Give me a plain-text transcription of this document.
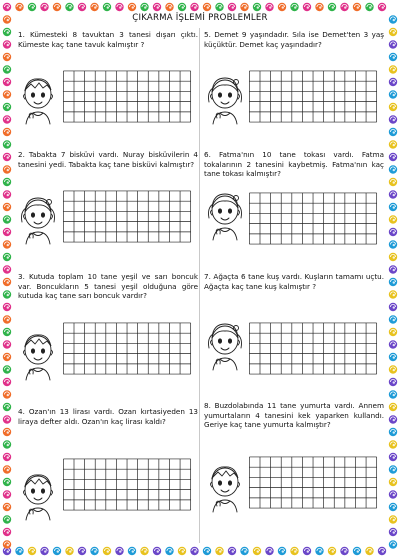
ÇIKARMA İŞLEMİ PROBLEMLER
1. Kümesteki 8 tavuktan 3 tanesi dışarı çıktı. Kümeste kaç tane tavuk kalmıştır ?
2. Tabakta 7 bisküvi vardı. Nuray bisküvilerin 4 tanesini yedi. Tabakta kaç tane bisküvi kalmıştır?
3. Kutuda toplam 10 tane yeşil ve sarı boncuk var. Boncukların 5 tanesi yeşil olduğuna göre kutuda kaç tane sarı boncuk vardır?
4. Ozan'ın 13 lirası vardı. Ozan kırtasiyeden 13 liraya defter aldı. Ozan'ın kaç lirası kaldı?
5. Demet 9 yaşındadır. Sıla ise Demet'ten 3 yaş küçüktür. Demet kaç yaşındadır?
6. Fatma'nın 10 tane tokası vardı. Fatma tokalarının 2 tanesini kaybetmiş. Fatma'nın kaç tane tokası kalmıştır?
7. Ağaçta 6 tane kuş vardı. Kuşların tamamı uçtu. Ağaçta kaç tane kuş kalmıştır ?
8. Buzdolabında 11 tane yumurta vardı. Annem yumurtaların 4 tanesini kek yaparken kullandı. Geriye kaç tane yumurta kalmıştır?
